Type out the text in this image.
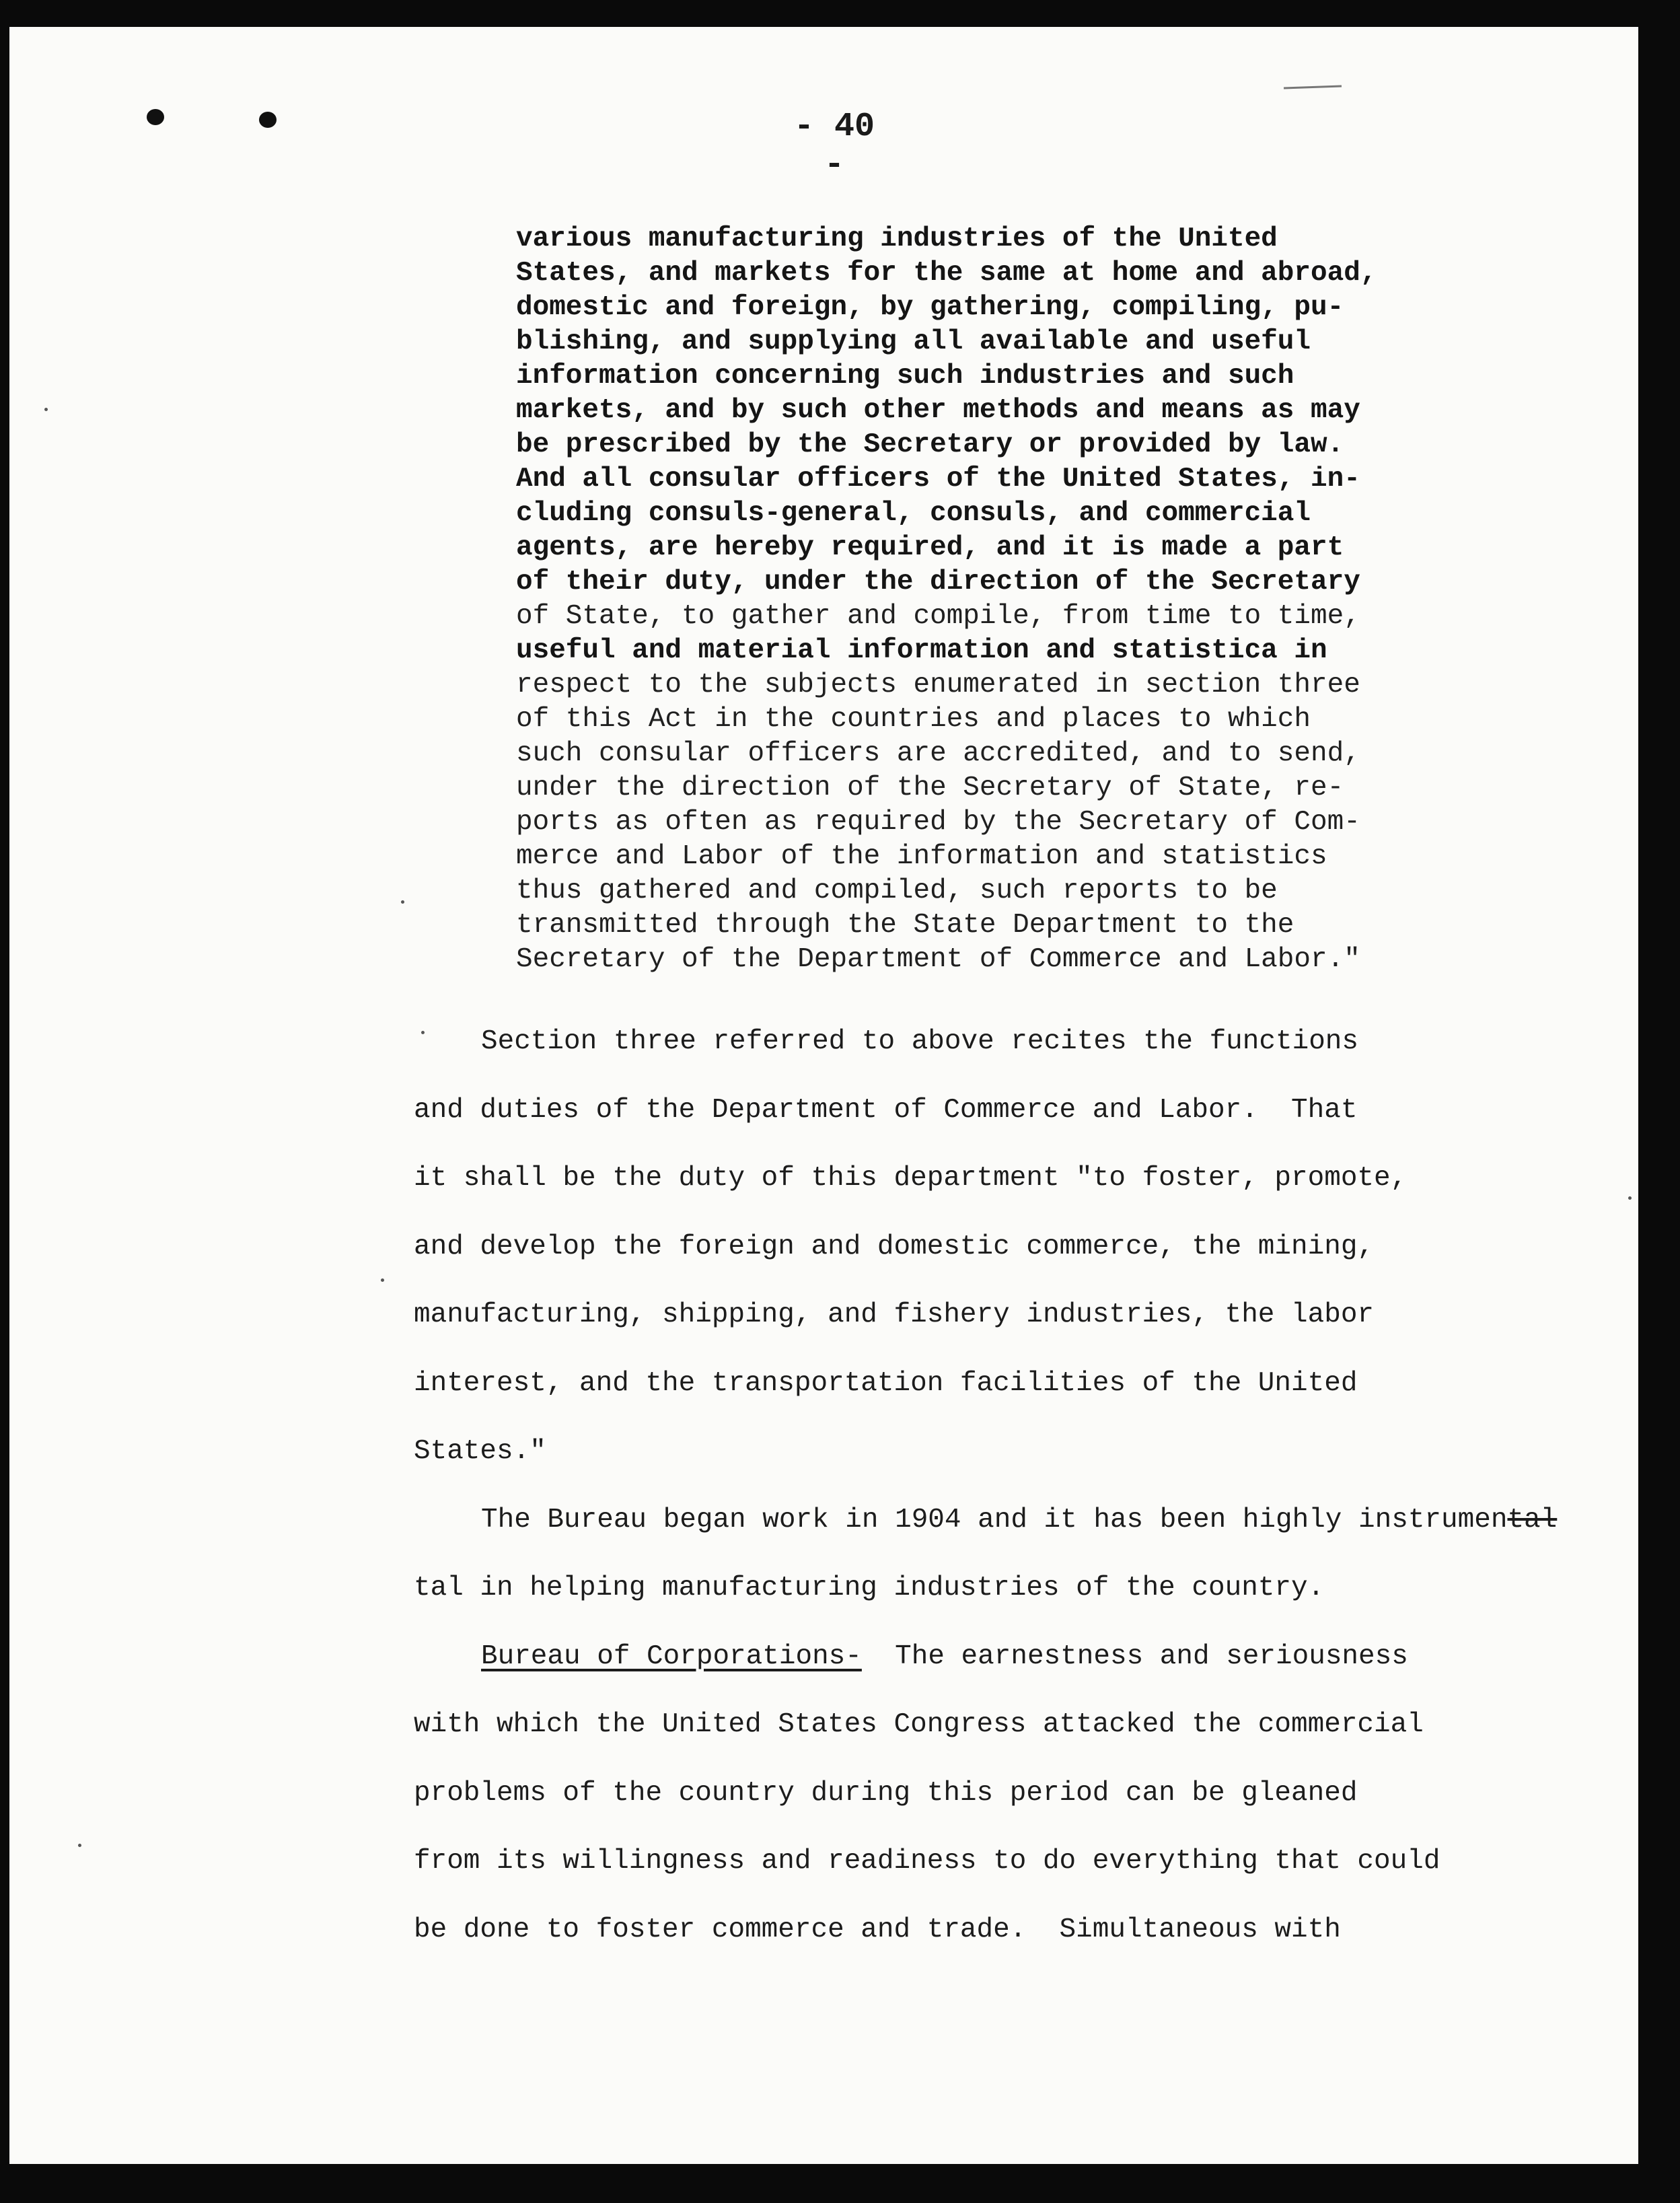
- 40 -
various manufacturing industries of the United
States, and markets for the same at home and abroad,
domestic and foreign, by gathering, compiling, pu-
blishing, and supplying all available and useful
information concerning such industries and such
markets, and by such other methods and means as may
be prescribed by the Secretary or provided by law.
And all consular officers of the United States, in-
cluding consuls-general, consuls, and commercial
agents, are hereby required, and it is made a part
of their duty, under the direction of the Secretary
of State, to gather and compile, from time to time,
useful and material information and statistica in
respect to the subjects enumerated in section three
of this Act in the countries and places to which
such consular officers are accredited, and to send,
under the direction of the Secretary of State, re-
ports as often as required by the Secretary of Com-
merce and Labor of the information and statistics
thus gathered and compiled, such reports to be
transmitted through the State Department to the
Secretary of the Department of Commerce and Labor."
Section three referred to above recites the functions
and duties of the Department of Commerce and Labor.  That
it shall be the duty of this department "to foster, promote,
and develop the foreign and domestic commerce, the mining,
manufacturing, shipping, and fishery industries, the labor
interest, and the transportation facilities of the United
States."
The Bureau began work in 1904 and it has been highly instrumental
tal in helping manufacturing industries of the country.
Bureau of Corporations-  The earnestness and seriousness
with which the United States Congress attacked the commercial
problems of the country during this period can be gleaned
from its willingness and readiness to do everything that could
be done to foster commerce and trade.  Simultaneous with
